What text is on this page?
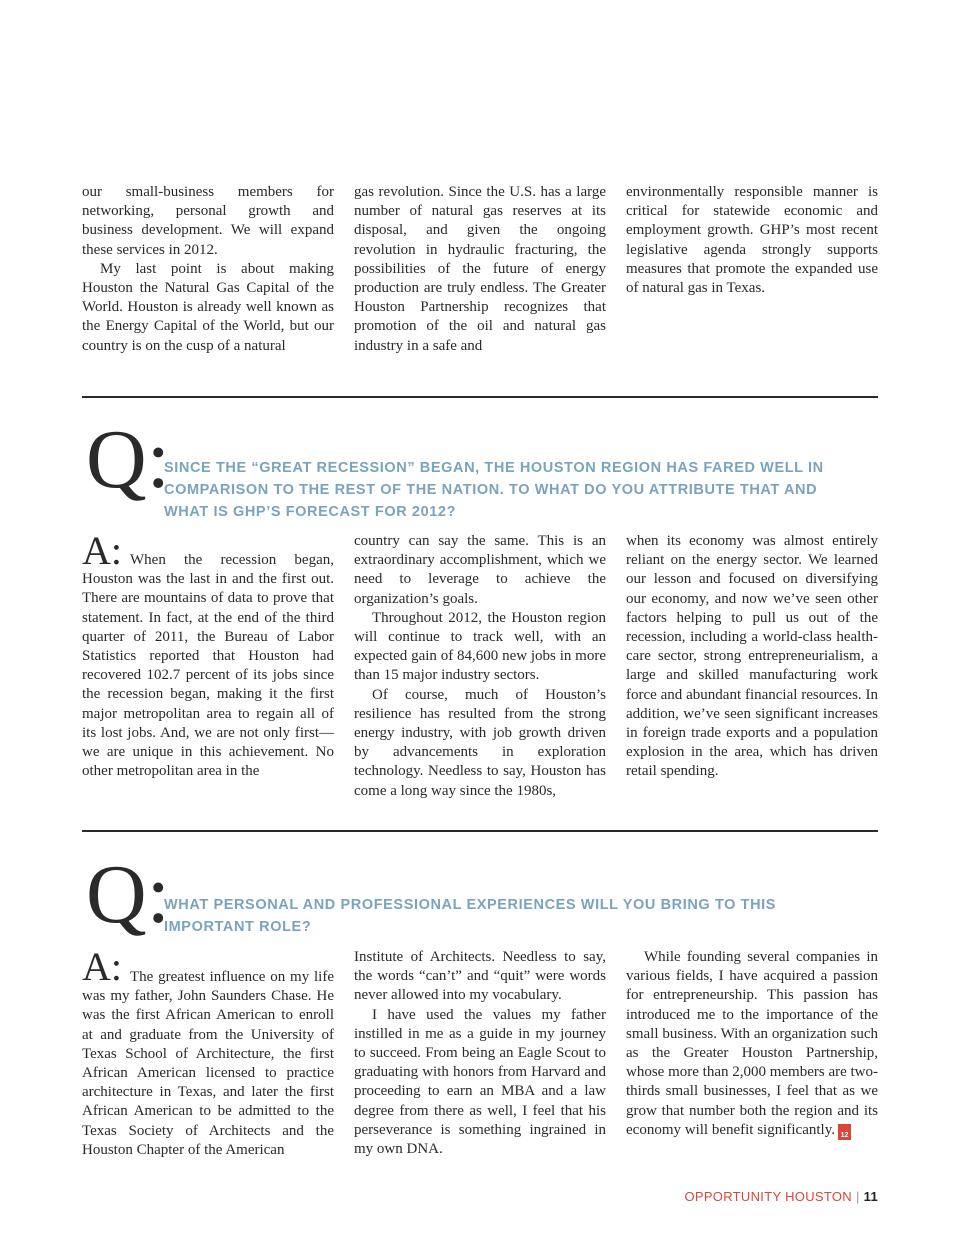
our small-business members for networking, personal growth and business development. We will expand these services in 2012.

My last point is about making Houston the Natural Gas Capital of the World. Houston is already well known as the Energy Capital of the World, but our country is on the cusp of a natural

gas revolution. Since the U.S. has a large number of natural gas reserves at its disposal, and given the ongoing revolution in hydraulic fracturing, the possibilities of the future of energy production are truly endless. The Greater Houston Partnership recognizes that promotion of the oil and natural gas industry in a safe and

environmentally responsible manner is critical for statewide economic and employment growth. GHP’s most recent legislative agenda strongly supports measures that promote the expanded use of natural gas in Texas.

Q:
SINCE THE “GREAT RECESSION” BEGAN, THE HOUSTON REGION HAS FARED WELL IN COMPARISON TO THE REST OF THE NATION. TO WHAT DO YOU ATTRIBUTE THAT AND WHAT IS GHP’S FORECAST FOR 2012?
A: When the recession began, Houston was the last in and the first out. There are mountains of data to prove that statement. In fact, at the end of the third quarter of 2011, the Bureau of Labor Statistics reported that Houston had recovered 102.7 percent of its jobs since the recession began, making it the first major metropolitan area to regain all of its lost jobs. And, we are not only first— we are unique in this achievement. No other metropolitan area in the

country can say the same. This is an extraordinary accomplishment, which we need to leverage to achieve the organization’s goals.

Throughout 2012, the Houston region will continue to track well, with an expected gain of 84,600 new jobs in more than 15 major industry sectors.

Of course, much of Houston’s resilience has resulted from the strong energy industry, with job growth driven by advancements in exploration technology. Needless to say, Houston has come a long way since the 1980s,

when its economy was almost entirely reliant on the energy sector. We learned our lesson and focused on diversifying our economy, and now we’ve seen other factors helping to pull us out of the recession, including a world-class health-care sector, strong entrepreneurialism, a large and skilled manufacturing work force and abundant financial resources. In addition, we’ve seen significant increases in foreign trade exports and a population explosion in the area, which has driven retail spending.

Q:
WHAT PERSONAL AND PROFESSIONAL EXPERIENCES WILL YOU BRING TO THIS IMPORTANT ROLE?
A: The greatest influence on my life was my father, John Saunders Chase. He was the first African American to enroll at and graduate from the University of Texas School of Architecture, the first African American licensed to practice architecture in Texas, and later the first African American to be admitted to the Texas Society of Architects and the Houston Chapter of the American

Institute of Architects. Needless to say, the words “can’t” and “quit” were words never allowed into my vocabulary.

I have used the values my father instilled in me as a guide in my journey to succeed. From being an Eagle Scout to graduating with honors from Harvard and proceeding to earn an MBA and a law degree from there as well, I feel that his perseverance is something ingrained in my own DNA.

While founding several companies in various fields, I have acquired a passion for entrepreneurship. This passion has introduced me to the importance of the small business. With an organization such as the Greater Houston Partnership, whose more than 2,000 members are two-thirds small businesses, I feel that as we grow that number both the region and its economy will benefit significantly.	20 12

OPPORTUNITY HOUSTON | 11
